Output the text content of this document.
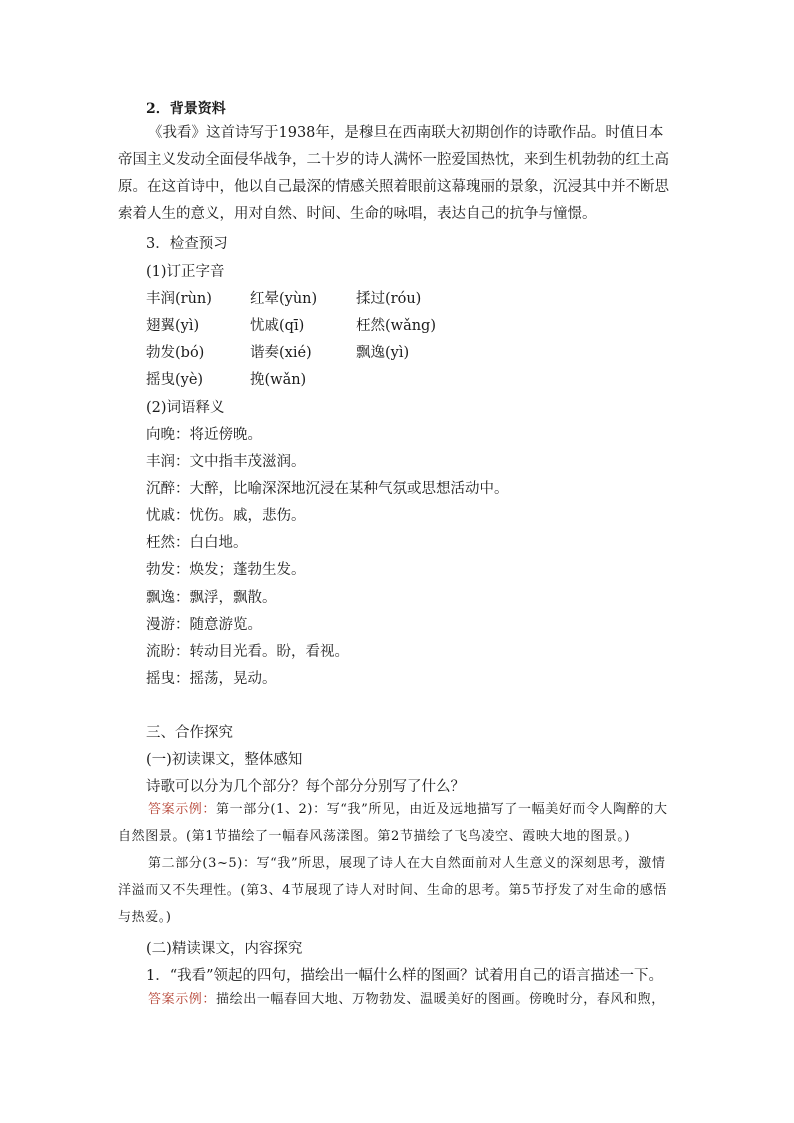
2．背景资料
《我看》这首诗写于1938年，是穆旦在西南联大初期创作的诗歌作品。时值日本帝国主义发动全面侵华战争，二十岁的诗人满怀一腔爱国热忱，来到生机勃勃的红土高原。在这首诗中，他以自己最深的情感关照着眼前这幕瑰丽的景象，沉浸其中并不断思索着人生的意义，用对自然、时间、生命的咏唱，表达自己的抗争与憧憬。
3．检查预习
(1)订正字音
丰润(rùn)	红晕(yùn)	揉过(róu)
翅翼(yì)	忧戚(qī)	枉然(wǎng)
勃发(bó)	谐奏(xié)	飘逸(yì)
摇曳(yè)	挽(wǎn)
(2)词语释义
向晚：将近傍晚。
丰润：文中指丰茂滋润。
沉醉：大醉，比喻深深地沉浸在某种气氛或思想活动中。
忧戚：忧伤。戚，悲伤。
枉然：白白地。
勃发：焕发；蓬勃生发。
飘逸：飘浮，飘散。
漫游：随意游览。
流盼：转动目光看。盼，看视。
摇曳：摇荡，晃动。
三、合作探究
(一)初读课文，整体感知
诗歌可以分为几个部分？每个部分分别写了什么？
答案示例：第一部分(1、2)：写“我”所见，由近及远地描写了一幅美好而令人陶醉的大自然图景。(第1节描绘了一幅春风荡漾图。第2节描绘了飞鸟凌空、霞映大地的图景。)
第二部分(3~5)：写“我”所思，展现了诗人在大自然面前对人生意义的深刻思考，激情洋溢而又不失理性。(第3、4节展现了诗人对时间、生命的思考。第5节抒发了对生命的感悟与热爱。)
(二)精读课文，内容探究
1．“我看”领起的四句，描绘出一幅什么样的图画？试着用自己的语言描述一下。
答案示例：描绘出一幅春回大地、万物勃发、温暖美好的图画。傍晚时分，春风和煦，
